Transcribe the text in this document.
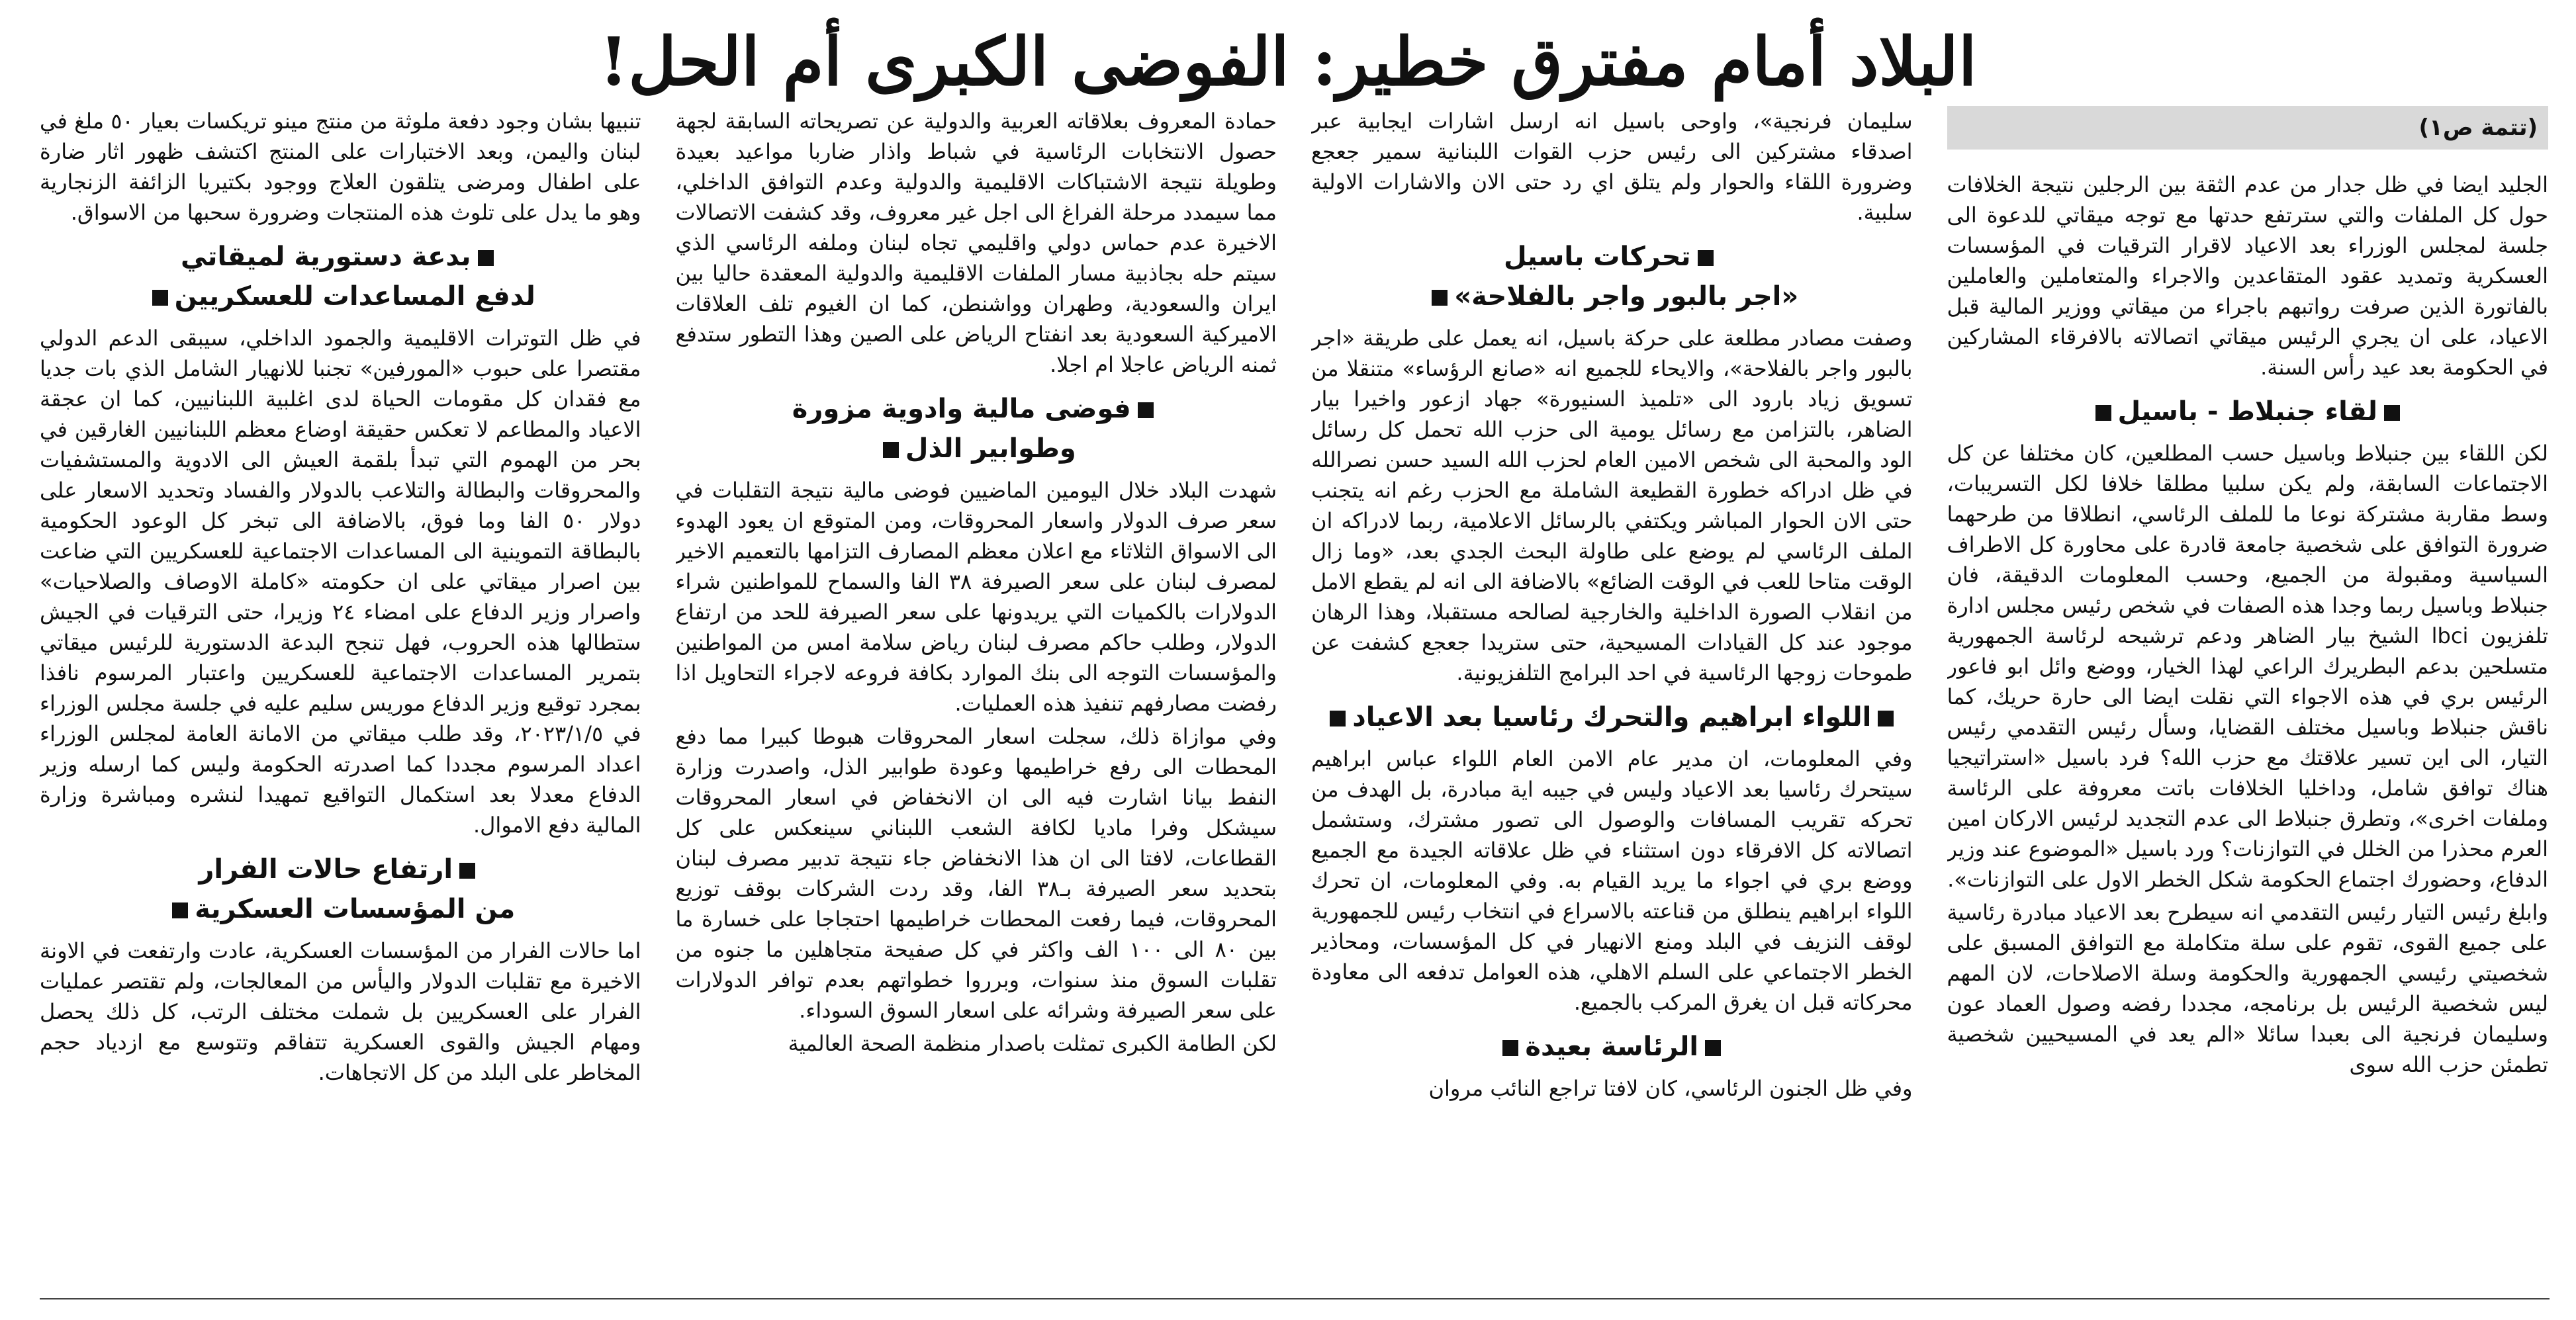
البلاد أمام مفترق خطير: الفوضى الكبرى أم الحل!
(تتمة ص١)

الجليد ايضا في ظل جدار من عدم الثقة بين الرجلين نتيجة الخلافات حول كل الملفات والتي سترتفع حدتها مع توجه ميقاتي للدعوة الى جلسة لمجلس الوزراء بعد الاعياد لاقرار الترقيات في المؤسسات العسكرية وتمديد عقود المتقاعدين والاجراء والمتعاملين والعاملين بالفاتورة الذين صرفت رواتبهم باجراء من ميقاتي ووزير المالية قبل الاعياد، على ان يجري الرئيس ميقاتي اتصالاته بالافرقاء المشاركين في الحكومة بعد عيد رأس السنة.

لقاء جنبلاط - باسيل

لكن اللقاء بين جنبلاط وباسيل حسب المطلعين، كان مختلفا عن كل الاجتماعات السابقة، ولم يكن سلبيا مطلقا خلافا لكل التسريبات، وسط مقاربة مشتركة نوعا ما للملف الرئاسي، انطلاقا من طرحهما ضرورة التوافق على شخصية جامعة قادرة على محاورة كل الاطراف السياسية ومقبولة من الجميع، وحسب المعلومات الدقيقة، فان جنبلاط وباسيل ربما وجدا هذه الصفات في شخص رئيس مجلس ادارة تلفزيون lbci الشيخ بيار الضاهر ودعم ترشيحه لرئاسة الجمهورية متسلحين بدعم البطريرك الراعي لهذا الخيار، ووضع وائل ابو فاعور الرئيس بري في هذه الاجواء التي نقلت ايضا الى حارة حريك، كما ناقش جنبلاط وباسيل مختلف القضايا، وسأل رئيس التقدمي رئيس التيار، الى اين تسير علاقتك مع حزب الله؟ فرد باسيل «استراتيجيا هناك توافق شامل، وداخليا الخلافات باتت معروفة على الرئاسة وملفات اخرى»، وتطرق جنبلاط الى عدم التجديد لرئيس الاركان امين العرم محذرا من الخلل في التوازنات؟ ورد باسيل «الموضوع عند وزير الدفاع، وحضورك اجتماع الحكومة شكل الخطر الاول على التوازنات».

وابلغ رئيس التيار رئيس التقدمي انه سيطرح بعد الاعياد مبادرة رئاسية على جميع القوى، تقوم على سلة متكاملة مع التوافق المسبق على شخصيتي رئيسي الجمهورية والحكومة وسلة الاصلاحات، لان المهم ليس شخصية الرئيس بل برنامجه، مجددا رفضه وصول العماد عون وسليمان فرنجية الى بعبدا سائلا «الم يعد في المسيحيين شخصية تطمئن حزب الله سوى

سليمان فرنجية»، واوحى باسيل انه ارسل اشارات ايجابية عبر اصدقاء مشتركين الى رئيس حزب القوات اللبنانية سمير جعجع وضرورة اللقاء والحوار ولم يتلق اي رد حتى الان والاشارات الاولية سلبية.

تحركات باسيل
«اجر بالبور واجر بالفلاحة»

وصفت مصادر مطلعة على حركة باسيل، انه يعمل على طريقة «اجر بالبور واجر بالفلاحة»، والايحاء للجميع انه «صانع الرؤساء» متنقلا من تسويق زياد بارود الى «تلميذ السنيورة» جهاد ازعور واخيرا بيار الضاهر، بالتزامن مع رسائل يومية الى حزب الله تحمل كل رسائل الود والمحبة الى شخص الامين العام لحزب الله السيد حسن نصرالله في ظل ادراكه خطورة القطيعة الشاملة مع الحزب رغم انه يتجنب حتى الان الحوار المباشر ويكتفي بالرسائل الاعلامية، ربما لادراكه ان الملف الرئاسي لم يوضع على طاولة البحث الجدي بعد، «وما زال الوقت متاحا للعب في الوقت الضائع» بالاضافة الى انه لم يقطع الامل من انقلاب الصورة الداخلية والخارجية لصالحه مستقبلا، وهذا الرهان موجود عند كل القيادات المسيحية، حتى ستريدا جعجع كشفت عن طموحات زوجها الرئاسية في احد البرامج التلفزيونية.

اللواء ابراهيم والتحرك رئاسيا بعد الاعياد

وفي المعلومات، ان مدير عام الامن العام اللواء عباس ابراهيم سيتحرك رئاسيا بعد الاعياد وليس في جيبه اية مبادرة، بل الهدف من تحركه تقريب المسافات والوصول الى تصور مشترك، وستشمل اتصالاته كل الافرقاء دون استثناء في ظل علاقاته الجيدة مع الجميع ووضع بري في اجواء ما يريد القيام به. وفي المعلومات، ان تحرك اللواء ابراهيم ينطلق من قناعته بالاسراع في انتخاب رئيس للجمهورية لوقف النزيف في البلد ومنع الانهيار في كل المؤسسات، ومحاذير الخطر الاجتماعي على السلم الاهلي، هذه العوامل تدفعه الى معاودة محركاته قبل ان يغرق المركب بالجميع.

الرئاسة بعيدة

وفي ظل الجنون الرئاسي، كان لافتا تراجع النائب مروان

حمادة المعروف بعلاقاته العربية والدولية عن تصريحاته السابقة لجهة حصول الانتخابات الرئاسية في شباط واذار ضاربا مواعيد بعيدة وطويلة نتيجة الاشتباكات الاقليمية والدولية وعدم التوافق الداخلي، مما سيمدد مرحلة الفراغ الى اجل غير معروف، وقد كشفت الاتصالات الاخيرة عدم حماس دولي واقليمي تجاه لبنان وملفه الرئاسي الذي سيتم حله بجاذبية مسار الملفات الاقليمية والدولية المعقدة حاليا بين ايران والسعودية، وطهران وواشنطن، كما ان الغيوم تلف العلاقات الاميركية السعودية بعد انفتاح الرياض على الصين وهذا التطور ستدفع ثمنه الرياض عاجلا ام اجلا.

فوضى مالية وادوية مزورة
وطوابير الذل

شهدت البلاد خلال اليومين الماضيين فوضى مالية نتيجة التقلبات في سعر صرف الدولار واسعار المحروقات، ومن المتوقع ان يعود الهدوء الى الاسواق الثلاثاء مع اعلان معظم المصارف التزامها بالتعميم الاخير لمصرف لبنان على سعر الصيرفة ٣٨ الفا والسماح للمواطنين شراء الدولارات بالكميات التي يريدونها على سعر الصيرفة للحد من ارتفاع الدولار، وطلب حاكم مصرف لبنان رياض سلامة امس من المواطنين والمؤسسات التوجه الى بنك الموارد بكافة فروعه لاجراء التحاويل اذا رفضت مصارفهم تنفيذ هذه العمليات.

وفي موازاة ذلك، سجلت اسعار المحروقات هبوطا كبيرا مما دفع المحطات الى رفع خراطيمها وعودة طوابير الذل، واصدرت وزارة النفط بيانا اشارت فيه الى ان الانخفاض في اسعار المحروقات سيشكل وفرا ماديا لكافة الشعب اللبناني سينعكس على كل القطاعات، لافتا الى ان هذا الانخفاض جاء نتيجة تدبير مصرف لبنان بتحديد سعر الصيرفة بـ٣٨ الفا، وقد ردت الشركات بوقف توزيع المحروقات، فيما رفعت المحطات خراطيمها احتجاجا على خسارة ما بين ٨٠ الى ١٠٠ الف واكثر في كل صفيحة متجاهلين ما جنوه من تقلبات السوق منذ سنوات، وبرروا خطواتهم بعدم توافر الدولارات على سعر الصيرفة وشرائه على اسعار السوق السوداء.

لكن الطامة الكبرى تمثلت باصدار منظمة الصحة العالمية

تنبيها بشان وجود دفعة ملوثة من منتج مينو تريكسات بعيار ٥٠ ملغ في لبنان واليمن، وبعد الاختبارات على المنتج اكتشف ظهور اثار ضارة على اطفال ومرضى يتلقون العلاج ووجود بكتيريا الزائفة الزنجارية وهو ما يدل على تلوث هذه المنتجات وضرورة سحبها من الاسواق.

بدعة دستورية لميقاتي
لدفع المساعدات للعسكريين

في ظل التوترات الاقليمية والجمود الداخلي، سيبقى الدعم الدولي مقتصرا على حبوب «المورفين» تجنبا للانهيار الشامل الذي بات جديا مع فقدان كل مقومات الحياة لدى اغلبية اللبنانيين، كما ان عجقة الاعياد والمطاعم لا تعكس حقيقة اوضاع معظم اللبنانيين الغارقين في بحر من الهموم التي تبدأ بلقمة العيش الى الادوية والمستشفيات والمحروقات والبطالة والتلاعب بالدولار والفساد وتحديد الاسعار على دولار ٥٠ الفا وما فوق، بالاضافة الى تبخر كل الوعود الحكومية بالبطاقة التموينية الى المساعدات الاجتماعية للعسكريين التي ضاعت بين اصرار ميقاتي على ان حكومته «كاملة الاوصاف والصلاحيات» واصرار وزير الدفاع على امضاء ٢٤ وزيرا، حتى الترقيات في الجيش ستطالها هذه الحروب، فهل تنجح البدعة الدستورية للرئيس ميقاتي بتمرير المساعدات الاجتماعية للعسكريين واعتبار المرسوم نافذا بمجرد توقيع وزير الدفاع موريس سليم عليه في جلسة مجلس الوزراء في ٢٠٢٣/١/٥، وقد طلب ميقاتي من الامانة العامة لمجلس الوزراء اعداد المرسوم مجددا كما اصدرته الحكومة وليس كما ارسله وزير الدفاع معدلا بعد استكمال التواقيع تمهيدا لنشره ومباشرة وزارة المالية دفع الاموال.

ارتفاع حالات الفرار
من المؤسسات العسكرية

اما حالات الفرار من المؤسسات العسكرية، عادت وارتفعت في الاونة الاخيرة مع تقلبات الدولار واليأس من المعالجات، ولم تقتصر عمليات الفرار على العسكريين بل شملت مختلف الرتب، كل ذلك يحصل ومهام الجيش والقوى العسكرية تتفاقم وتتوسع مع ازدياد حجم المخاطر على البلد من كل الاتجاهات.
